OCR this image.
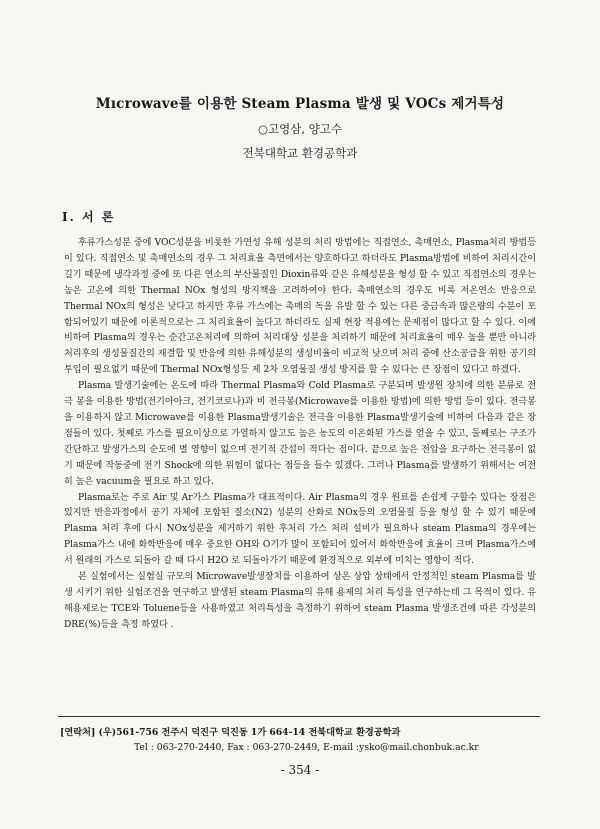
Mıcrowave를 이용한 Steam Plasma 발생 및 VOCs 제거특성
○고영삼, 양고수
전북대학교 환경공학과
I. 서 론

후류가스성분 중에 VOC성분을 비롯한 가연성 유해 성분의 처리 방법에는 직접연소, 촉매연소, Plasma처리 방법등이 있다. 직접연소 및 촉매연소의 경우 그 처리효율 측면에서는 양호하다고 하더라도 Plasma방법에 비하여 처리시간이 길기 때문에 냉각과정 중에 또 다른 연소의 부산물질인 Dioxin류와 같은 유해성분을 형성 할 수 있고 직접연소의 경우는 높은 고온에 의한 Thermal NOx 형성의 방지책을 고려하여야 한다. 촉매연소의 경우도 비록 저온연소 반응으로 Thermal NOx의 형성은 낮다고 하지만 후류 가스에는 촉매의 독을 유발 할 수 있는 다른 중금속과 많은량의 수분이 포함되어있기 때문에 이론적으로는 그 처리효율이 높다고 하더라도 실제 현장 적용에는 문제점이 많다고 할 수 있다. 이에 비하여 Plasma의 경우는 순간고온처리에 의하여 처리대상 성분을 처리하기 때문에 처리효율이 매우 높을 뿐만 아니라 처리후의 생성물질간의 재결합 및 반응에 의한 유해성분의 생성비율이 비교적 낮으며 처리 중에 산소공급을 위한 공기의 투입이 필요없기 때문에 Thermal NOx형성등 제 2차 오염물질 생성 방지를 할 수 있다는 큰 장점이 있다고 하겠다.

Plasma 발생기술에는 온도에 따라 Thermal Plasma와 Cold Plasma로 구분되며 발생원 장치에 의한 분류로 전극 봉을 이용한 방법(전기아아크, 전기코로나)과 비 전극봉(Microwave를 이용한 방법)에 의한 방법 등이 있다. 전극봉을 이용하지 않고 Microwave를 이용한 Plasma발생기술은 전극을 이용한 Plasma발생기술에 비하여 다음과 같은 장점들이 있다. 첫째로 가스를 필요이상으로 가열하지 않고도 높은 농도의 이온화된 가스를 얻을 수 있고, 둘째로는 구조가 간단하고 발생가스의 순도에 별 영향이 없으며 전기적 간섭이 적다는 점이다. 끝으로 높은 전압을 요구하는 전극봉이 없기 때문에 작동중에 전기 Shock에 의한 위험이 없다는 점등을 들수 있겠다. 그러나 Plasma를 발생하기 위해서는 여전히 높은 vacuum을 필요로 하고 있다.

Plasma로는 주로 Air 및 Ar가스 Plasma가 대표적이다. Air Plasma의 경우 원료를 손쉽게 구할수 있다는 장점은 있지만 반응과정에서 공기 자체에 포함된 질소(N2) 성분의 산화로 NOx등의 오염물질 등을 형성 할 수 있기 때문에 Plasma 처리 후에 다시 NOx성분을 제거하기 위한 후처리 가스 처리 설비가 필요하나 steam Plasma의 경우에는 Plasma가스 내에 화학반응에 매우 중요한 OH와 O기가 많이 포함되어 있어서 화학반응에 효율이 크며 Plasma가스에서 원래의 가스로 되돌아 갈 때 다시 H2O 로 되돌아가기 때문에 환경적으로 외부에 미치는 영향이 적다.

본 실험에서는 실험실 규모의 Microwave발생장치를 이용하여 상온 상압 상태에서 안정적인 steam Plasma를 발생 시키기 위한 실험조건을 연구하고 발생된 steam Plasma의 유해 용제의 처리 특성을 연구하는데 그 목적이 있다. 유해용제로는 TCE와 Toluene등을 사용하였고 처리특성을 측정하기 위하여 steam Plasma 발생조건에 따른 각성분의 DRE(%)등을 측정 하였다 .

[연락처] (우)561-756 전주시 덕진구 덕진동 1가 664-14 전북대학교 환경공학과
Tel : 063-270-2440, Fax : 063-270-2449, E-mail :ysko@mail.chonbuk.ac.kr
- 354 -
